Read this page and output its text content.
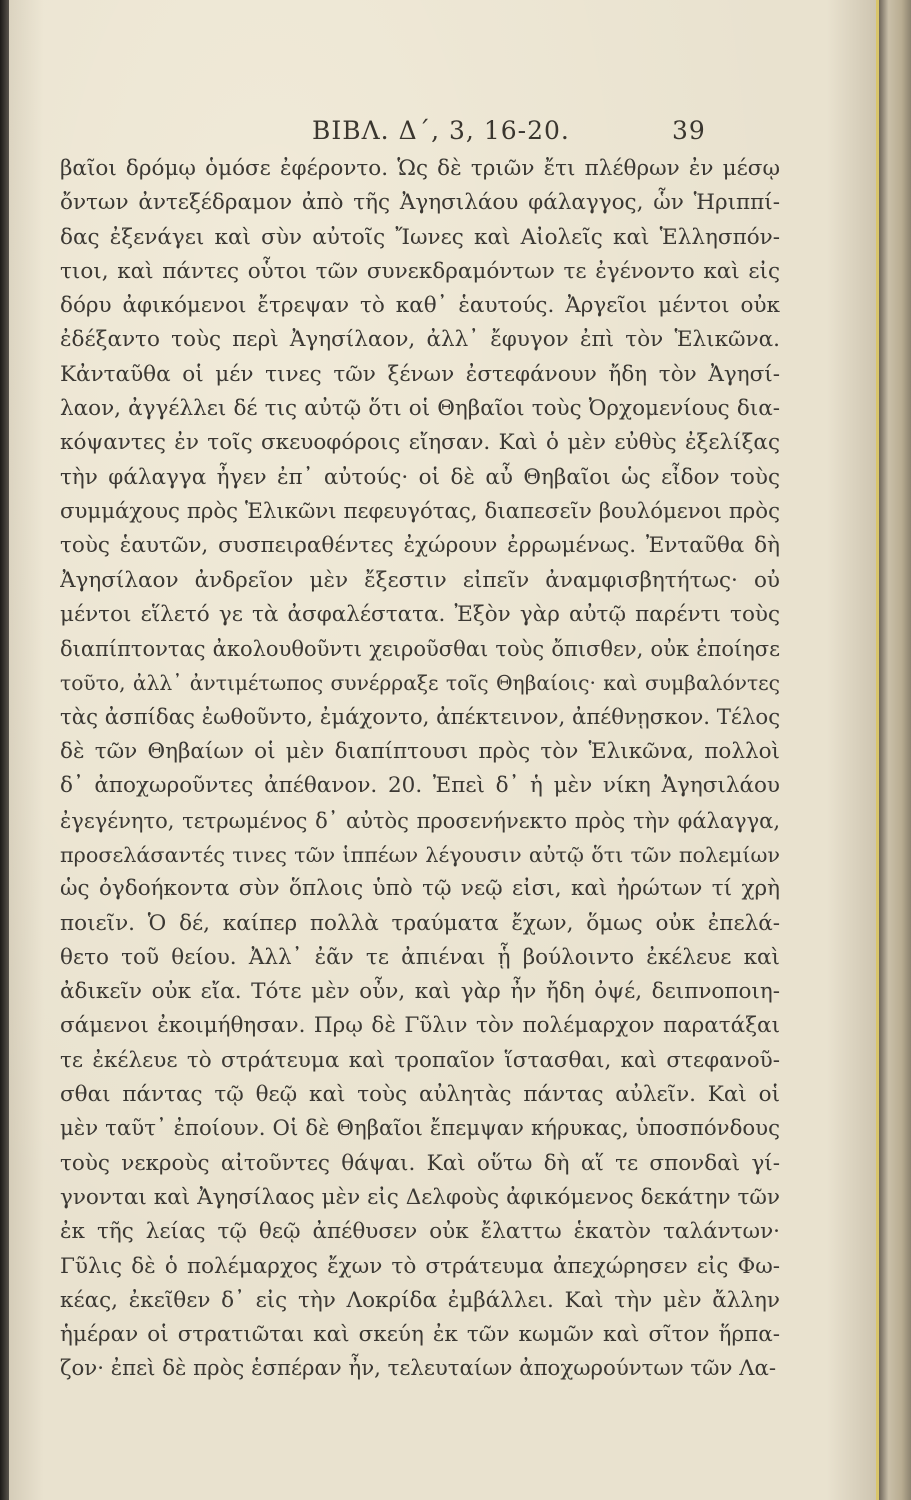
ΒΙΒΛ. Δ΄, 3, 16-20.	39
βαῖοι δρόμῳ ὁμόσε ἐφέροντο. Ὡς δὲ τριῶν ἔτι πλέθρων ἐν μέσῳ
ὄντων ἀντεξέδραμον ἀπὸ τῆς Ἀγησιλάου φάλαγγος, ὧν Ἡριππί-
δας ἐξενάγει καὶ σὺν αὐτοῖς Ἴωνες καὶ Αἰολεῖς καὶ Ἑλλησπόν-
τιοι, καὶ πάντες οὗτοι τῶν συνεκδραμόντων τε ἐγένοντο καὶ εἰς
δόρυ ἀφικόμενοι ἔτρεψαν τὸ καθ᾽ ἑαυτούς. Ἀργεῖοι μέντοι οὐκ
ἐδέξαντο τοὺς περὶ Ἀγησίλαον, ἀλλ᾽ ἔφυγον ἐπὶ τὸν Ἑλικῶνα.
Κἀνταῦθα οἱ μέν τινες τῶν ξένων ἐστεφάνουν ἤδη τὸν Ἀγησί-
λαον, ἀγγέλλει δέ τις αὐτῷ ὅτι οἱ Θηβαῖοι τοὺς Ὀρχομενίους δια-
κόψαντες ἐν τοῖς σκευοφόροις εἴησαν. Καὶ ὁ μὲν εὐθὺς ἐξελίξας
τὴν φάλαγγα ἦγεν ἐπ᾽ αὐτούς· οἱ δὲ αὖ Θηβαῖοι ὡς εἶδον τοὺς
συμμάχους πρὸς Ἑλικῶνι πεφευγότας, διαπεσεῖν βουλόμενοι πρὸς
τοὺς ἑαυτῶν, συσπειραθέντες ἐχώρουν ἐρρωμένως. Ἐνταῦθα δὴ
Ἀγησίλαον ἀνδρεῖον μὲν ἔξεστιν εἰπεῖν ἀναμφισβητήτως· οὐ
μέντοι εἵλετό γε τὰ ἀσφαλέστατα. Ἐξὸν γὰρ αὐτῷ παρέντι τοὺς
διαπίπτοντας ἀκολουθοῦντι χειροῦσθαι τοὺς ὄπισθεν, οὐκ ἐποίησε
τοῦτο, ἀλλ᾽ ἀντιμέτωπος συνέρραξε τοῖς Θηβαίοις· καὶ συμβαλόντες
τὰς ἀσπίδας ἐωθοῦντο, ἐμάχοντο, ἀπέκτεινον, ἀπέθνῃσκον. Τέλος
δὲ τῶν Θηβαίων οἱ μὲν διαπίπτουσι πρὸς τὸν Ἑλικῶνα, πολλοὶ
δ᾽ ἀποχωροῦντες ἀπέθανον. 20. Ἐπεὶ δ᾽ ἡ μὲν νίκη Ἀγησιλάου
ἐγεγένητο, τετρωμένος δ᾽ αὐτὸς προσενήνεκτο πρὸς τὴν φάλαγγα,
προσελάσαντές τινες τῶν ἱππέων λέγουσιν αὐτῷ ὅτι τῶν πολεμίων
ὡς ὀγδοήκοντα σὺν ὅπλοις ὑπὸ τῷ νεῷ εἰσι, καὶ ἠρώτων τί χρὴ
ποιεῖν. Ὁ δέ, καίπερ πολλὰ τραύματα ἔχων, ὅμως οὐκ ἐπελά-
θετο τοῦ θείου. Ἀλλ᾽ ἐᾶν τε ἀπιέναι ᾗ βούλοιντο ἐκέλευε καὶ
ἀδικεῖν οὐκ εἴα. Τότε μὲν οὖν, καὶ γὰρ ἦν ἤδη ὀψέ, δειπνοποιη-
σάμενοι ἐκοιμήθησαν. Πρῳ δὲ Γῦλιν τὸν πολέμαρχον παρατάξαι
τε ἐκέλευε τὸ στράτευμα καὶ τροπαῖον ἵστασθαι, καὶ στεφανοῦ-
σθαι πάντας τῷ θεῷ καὶ τοὺς αὐλητὰς πάντας αὐλεῖν. Καὶ οἱ
μὲν ταῦτ᾽ ἐποίουν. Οἱ δὲ Θηβαῖοι ἔπεμψαν κήρυκας, ὑποσπόνδους
τοὺς νεκροὺς αἰτοῦντες θάψαι. Καὶ οὕτω δὴ αἵ τε σπονδαὶ γί-
γνονται καὶ Ἀγησίλαος μὲν εἰς Δελφοὺς ἀφικόμενος δεκάτην τῶν
ἐκ τῆς λείας τῷ θεῷ ἀπέθυσεν οὐκ ἔλαττω ἑκατὸν ταλάντων·
Γῦλις δὲ ὁ πολέμαρχος ἔχων τὸ στράτευμα ἀπεχώρησεν εἰς Φω-
κέας, ἐκεῖθεν δ᾽ εἰς τὴν Λοκρίδα ἐμβάλλει. Καὶ τὴν μὲν ἄλλην
ἡμέραν οἱ στρατιῶται καὶ σκεύη ἐκ τῶν κωμῶν καὶ σῖτον ἥρπα-
ζον· ἐπεὶ δὲ πρὸς ἑσπέραν ἦν, τελευταίων ἀποχωρούντων τῶν Λα-
